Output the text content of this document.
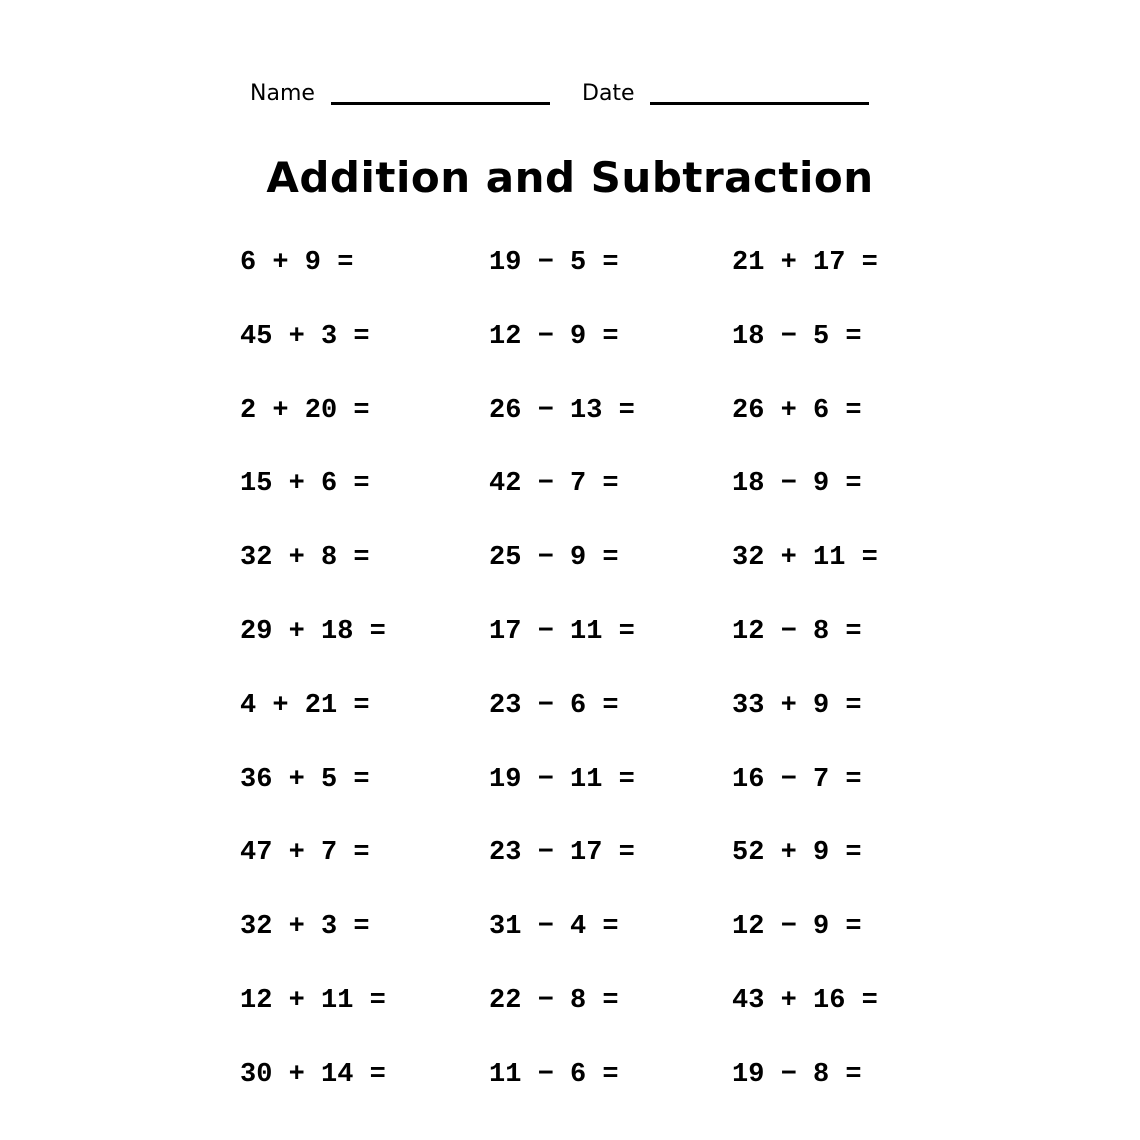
Name	Date
Addition and Subtraction
6 + 9 =	19 − 5 =	21 + 17 =
45 + 3 =	12 − 9 =	18 − 5 =
2 + 20 =	26 − 13 =	26 + 6 =
15 + 6 =	42 − 7 =	18 − 9 =
32 + 8 =	25 − 9 =	32 + 11 =
29 + 18 =	17 − 11 =	12 − 8 =
4 + 21 =	23 − 6 =	33 + 9 =
36 + 5 =	19 − 11 =	16 − 7 =
47 + 7 =	23 − 17 =	52 + 9 =
32 + 3 =	31 − 4 =	12 − 9 =
12 + 11 =	22 − 8 =	43 + 16 =
30 + 14 =	11 − 6 =	19 − 8 =
